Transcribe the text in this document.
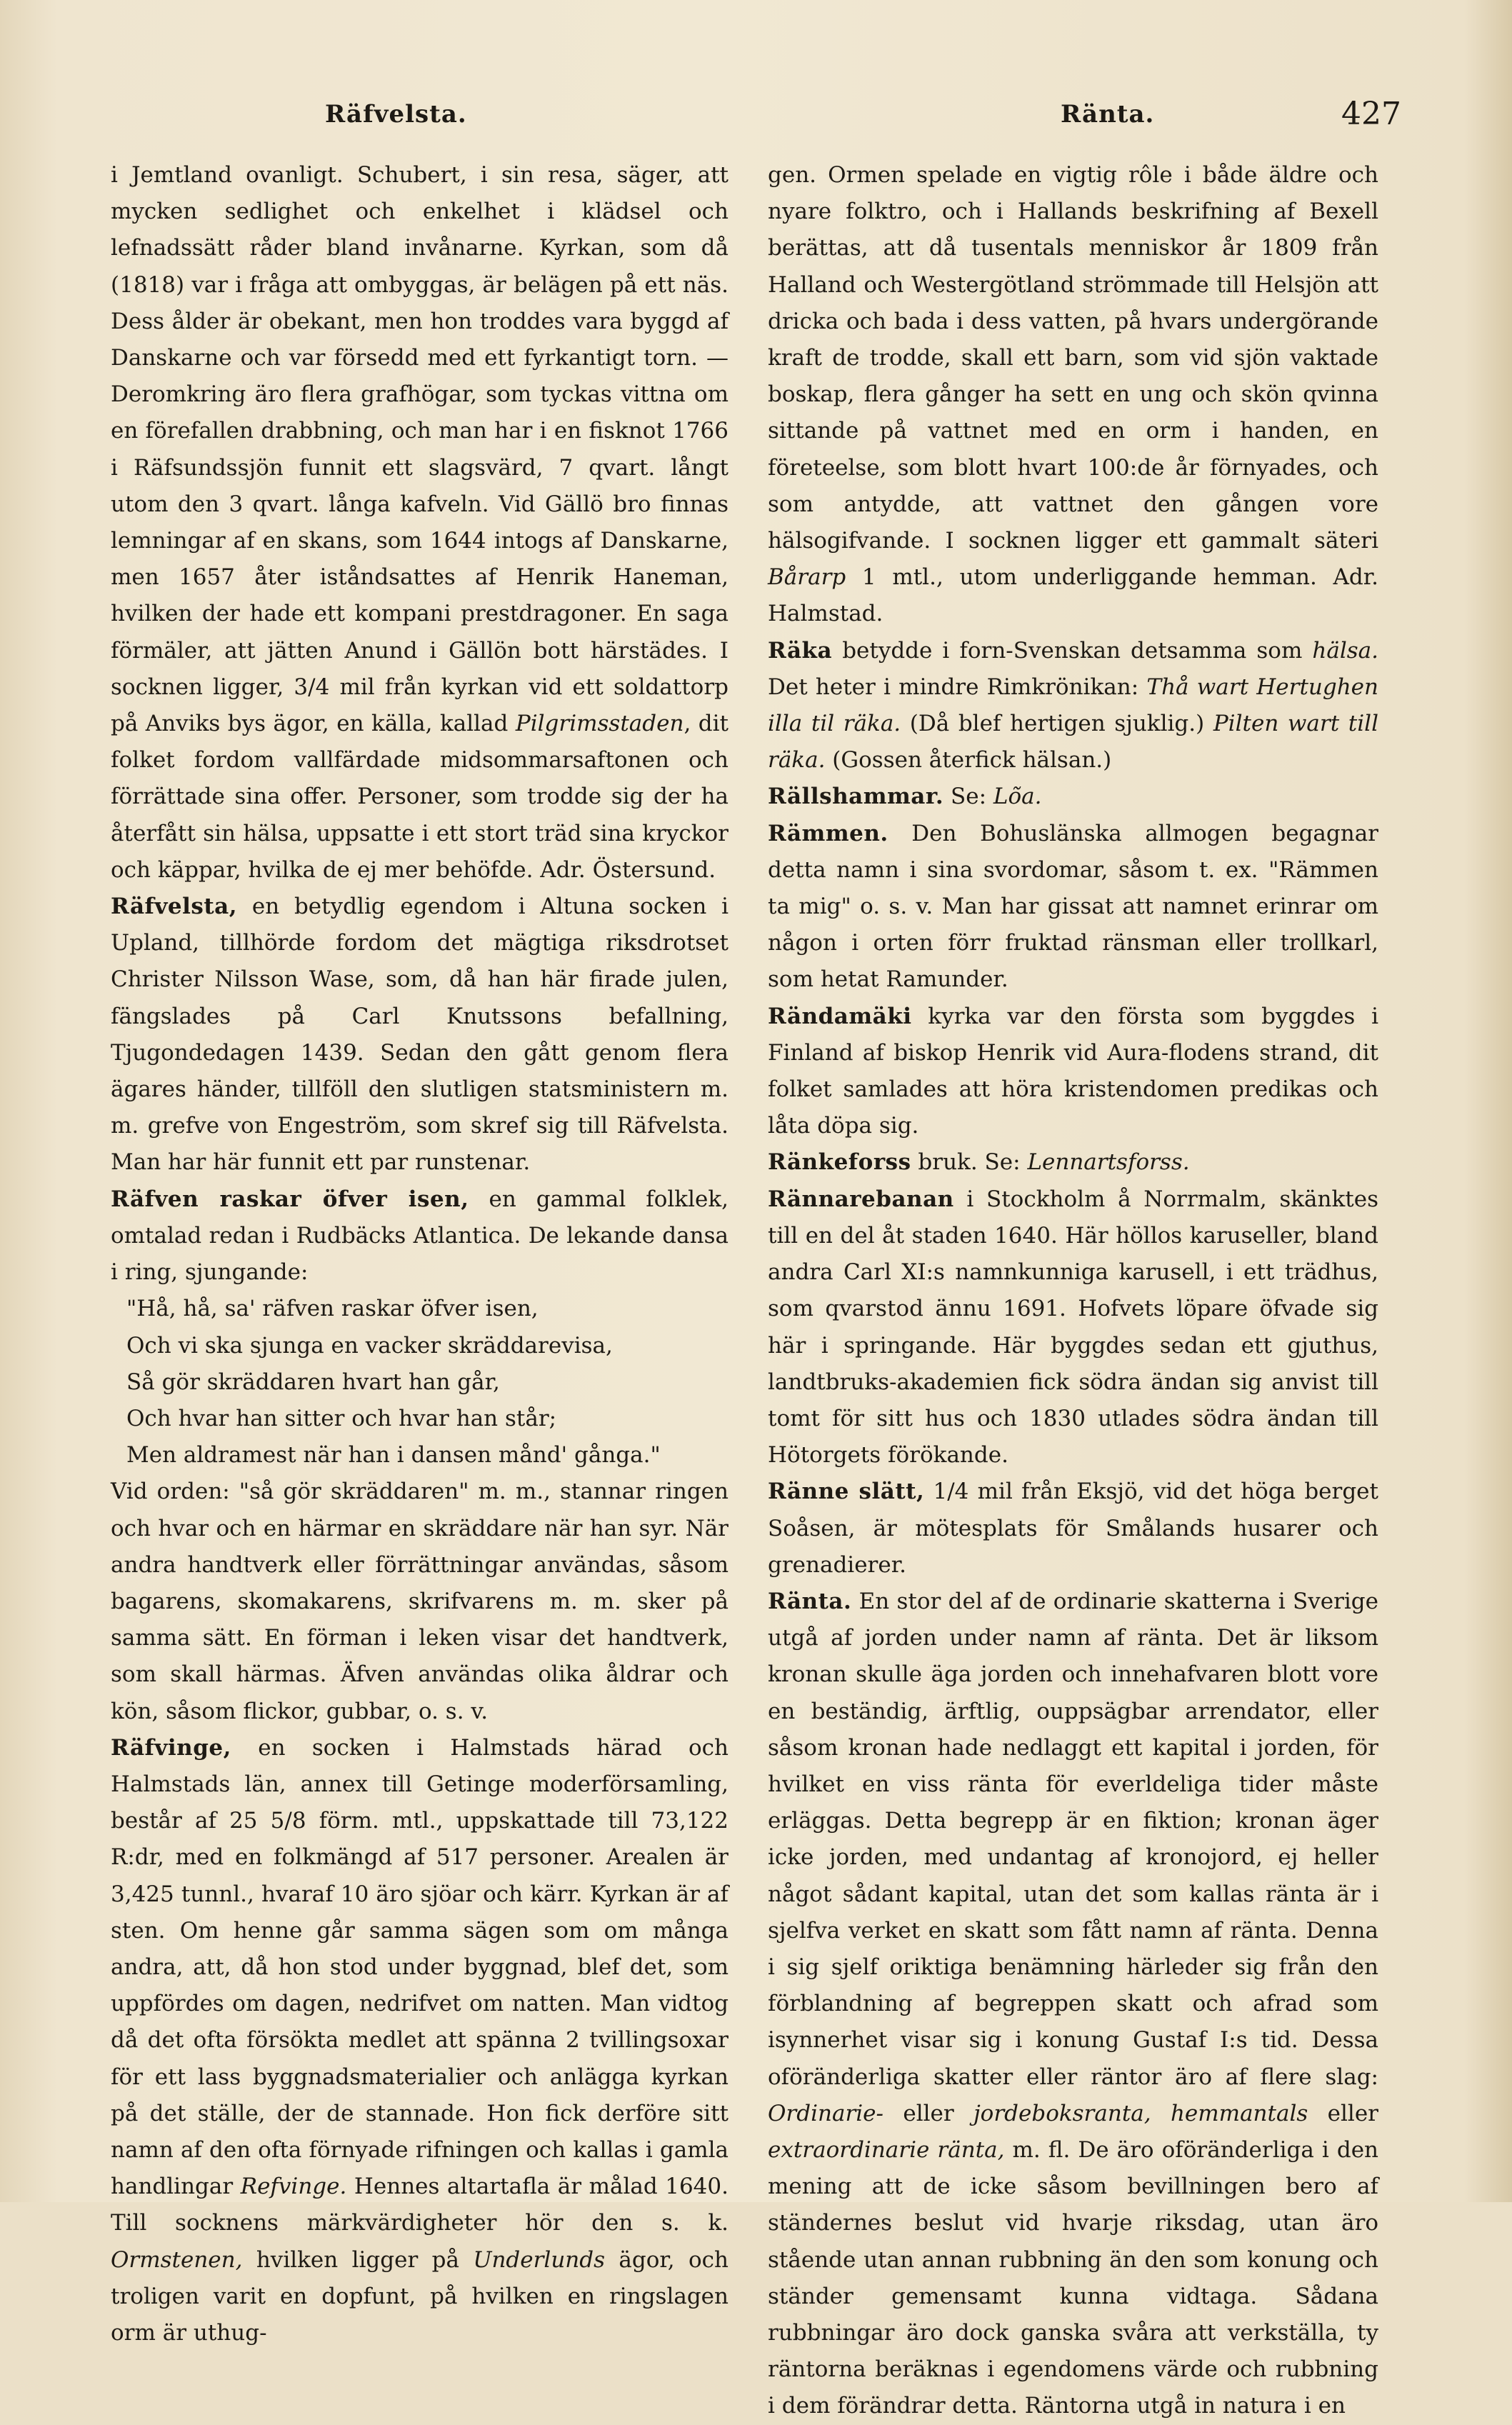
Räfvelsta.	Ränta.	427

i Jemtland ovanligt. Schubert, i sin resa, säger, att mycken sedlighet och enkelhet i klädsel och lefnadssätt råder bland invånarne. Kyrkan, som då (1818) var i fråga att ombyggas, är belägen på ett näs. Dess ålder är obekant, men hon troddes vara byggd af Danskarne och var försedd med ett fyrkantigt torn. — Deromkring äro flera grafhögar, som tyckas vittna om en förefallen drabbning, och man har i en fisknot 1766 i Räfsundssjön funnit ett slagsvärd, 7 qvart. långt utom den 3 qvart. långa kafveln. Vid Gällö bro finnas lemningar af en skans, som 1644 intogs af Danskarne, men 1657 åter iståndsattes af Henrik Haneman, hvilken der hade ett kompani prestdragoner. En saga förmäler, att jätten Anund i Gällön bott härstädes. I socknen ligger, 3/4 mil från kyrkan vid ett soldattorp på Anviks bys ägor, en källa, kallad Pilgrimsstaden, dit folket fordom vallfärdade midsommarsaftonen och förrättade sina offer. Personer, som trodde sig der ha återfått sin hälsa, uppsatte i ett stort träd sina kryckor och käppar, hvilka de ej mer behöfde. Adr. Östersund.

Räfvelsta, en betydlig egendom i Altuna socken i Upland, tillhörde fordom det mägtiga riksdrotset Christer Nilsson Wase, som, då han här firade julen, fängslades på Carl Knutssons befallning, Tjugondedagen 1439. Sedan den gått genom flera ägares händer, tillföll den slutligen statsministern m. m. grefve von Engeström, som skref sig till Räfvelsta. Man har här funnit ett par runstenar.

Räfven raskar öfver isen, en gammal folklek, omtalad redan i Rudbäcks Atlantica. De lekande dansa i ring, sjungande:

"Hå, hå, sa' räfven raskar öfver isen,

Och vi ska sjunga en vacker skräddarevisa,

Så gör skräddaren hvart han går,

Och hvar han sitter och hvar han står;

Men aldramest när han i dansen månd' gånga."

Vid orden: "så gör skräddaren" m. m., stannar ringen och hvar och en härmar en skräddare när han syr. När andra handtverk eller förrättningar användas, såsom bagarens, skomakarens, skrifvarens m. m. sker på samma sätt. En förman i leken visar det handtverk, som skall härmas. Äfven användas olika åldrar och kön, såsom flickor, gubbar, o. s. v.

Räfvinge, en socken i Halmstads härad och Halmstads län, annex till Getinge moderförsamling, består af 25 5/8 förm. mtl., uppskattade till 73,122 R:dr, med en folkmängd af 517 personer. Arealen är 3,425 tunnl., hvaraf 10 äro sjöar och kärr. Kyrkan är af sten. Om henne går samma sägen som om många andra, att, då hon stod under byggnad, blef det, som uppfördes om dagen, nedrifvet om natten. Man vidtog då det ofta försökta medlet att spänna 2 tvillingsoxar för ett lass byggnadsmaterialier och anlägga kyrkan på det ställe, der de stannade. Hon fick derföre sitt namn af den ofta förnyade rifningen och kallas i gamla handlingar Refvinge. Hennes altartafla är målad 1640. Till socknens märkvärdigheter hör den s. k. Ormstenen, hvilken ligger på Underlunds ägor, och troligen varit en dopfunt, på hvilken en ringslagen orm är uthug-

gen. Ormen spelade en vigtig rôle i både äldre och nyare folktro, och i Hallands beskrifning af Bexell berättas, att då tusentals menniskor år 1809 från Halland och Westergötland strömmade till Helsjön att dricka och bada i dess vatten, på hvars undergörande kraft de trodde, skall ett barn, som vid sjön vaktade boskap, flera gånger ha sett en ung och skön qvinna sittande på vattnet med en orm i handen, en företeelse, som blott hvart 100:de år förnyades, och som antydde, att vattnet den gången vore hälsogifvande. I socknen ligger ett gammalt säteri Bårarp 1 mtl., utom underliggande hemman. Adr. Halmstad.

Räka betydde i forn-Svenskan detsamma som hälsa. Det heter i mindre Rimkrönikan: Thå wart Hertughen illa til räka. (Då blef hertigen sjuklig.) Pilten wart till räka. (Gossen återfick hälsan.)

Rällshammar. Se: Lõa.

Rämmen. Den Bohuslänska allmogen begagnar detta namn i sina svordomar, såsom t. ex. "Rämmen ta mig" o. s. v. Man har gissat att namnet erinrar om någon i orten förr fruktad ränsman eller trollkarl, som hetat Ramunder.

Rändamäki kyrka var den första som byggdes i Finland af biskop Henrik vid Aura-flodens strand, dit folket samlades att höra kristendomen predikas och låta döpa sig.

Ränkeforss bruk. Se: Lennartsforss.

Rännarebanan i Stockholm å Norrmalm, skänktes till en del åt staden 1640. Här höllos karuseller, bland andra Carl XI:s namnkunniga karusell, i ett trädhus, som qvarstod ännu 1691. Hofvets löpare öfvade sig här i springande. Här byggdes sedan ett gjuthus, landtbruks-akademien fick södra ändan sig anvist till tomt för sitt hus och 1830 utlades södra ändan till Hötorgets förökande.

Ränne slätt, 1/4 mil från Eksjö, vid det höga berget Soåsen, är mötesplats för Smålands husarer och grenadierer.

Ränta. En stor del af de ordinarie skatterna i Sverige utgå af jorden under namn af ränta. Det är liksom kronan skulle äga jorden och innehafvaren blott vore en beständig, ärftlig, ouppsägbar arrendator, eller såsom kronan hade nedlaggt ett kapital i jorden, för hvilket en viss ränta för everldeliga tider måste erläggas. Detta begrepp är en fiktion; kronan äger icke jorden, med undantag af kronojord, ej heller något sådant kapital, utan det som kallas ränta är i sjelfva verket en skatt som fått namn af ränta. Denna i sig sjelf oriktiga benämning härleder sig från den förblandning af begreppen skatt och afrad som isynnerhet visar sig i konung Gustaf I:s tid. Dessa oföränderliga skatter eller räntor äro af flere slag: Ordinarie- eller jordeboksranta, hemmantals eller extraordinarie ränta, m. fl. De äro oföränderliga i den mening att de icke såsom bevillningen bero af ständernes beslut vid hvarje riksdag, utan äro stående utan annan rubbning än den som konung och ständer gemensamt kunna vidtaga. Sådana rubbningar äro dock ganska svåra att verkställa, ty räntorna beräknas i egendomens värde och rubbning i dem förändrar detta. Räntorna utgå in natura i en
